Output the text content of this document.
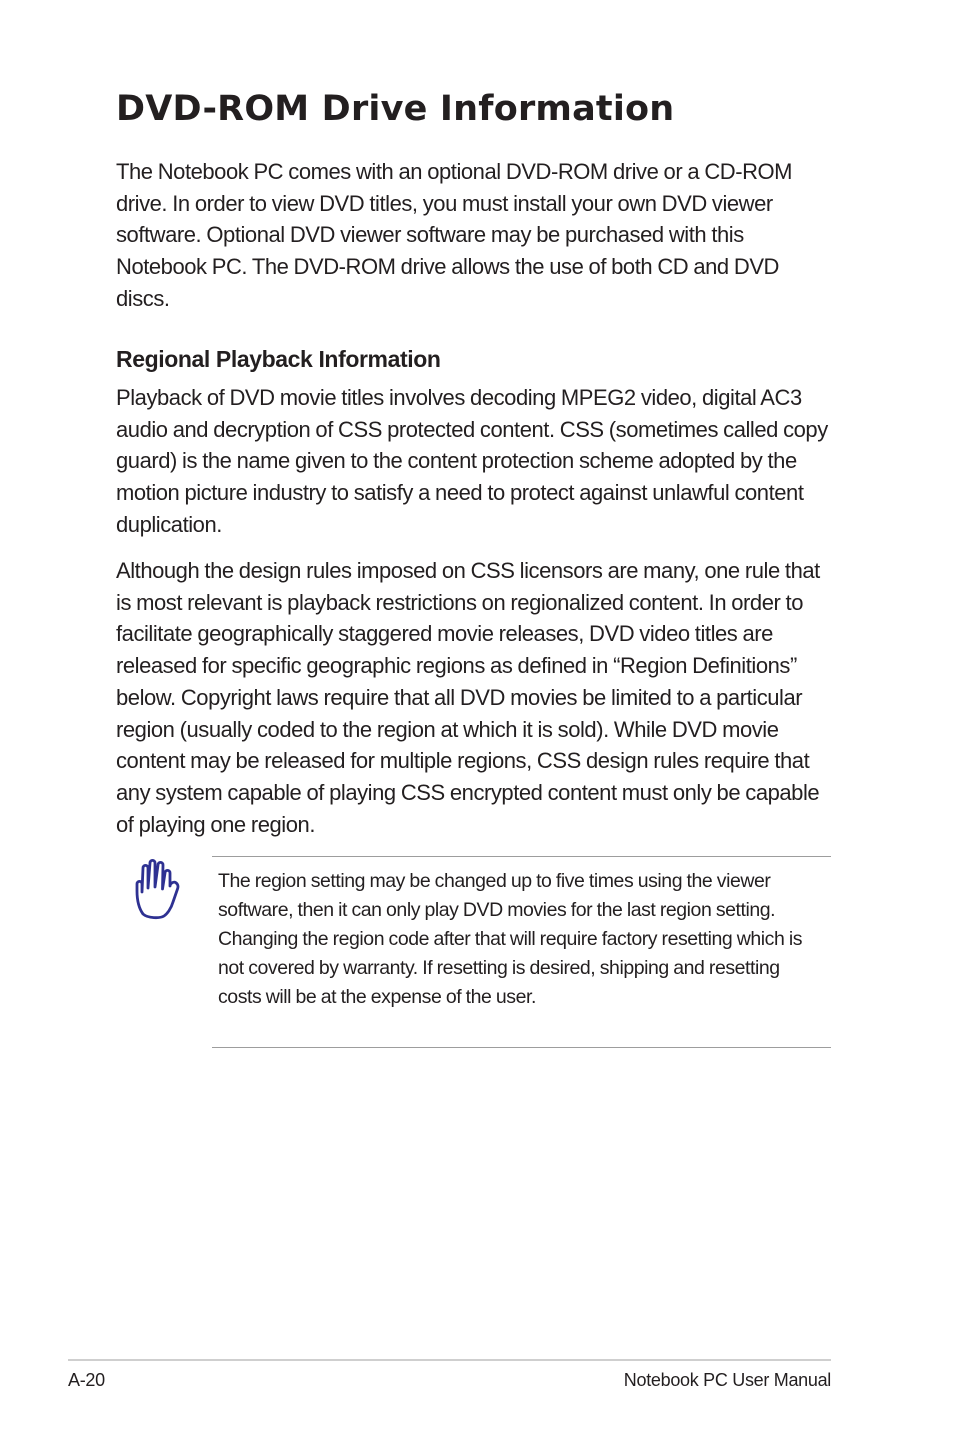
DVD-ROM Drive Information

The Notebook PC comes with an optional DVD-ROM drive or a CD-ROM drive. In order to view DVD titles, you must install your own DVD viewer software. Optional DVD viewer software may be purchased with this Notebook PC. The DVD-ROM drive allows the use of both CD and DVD discs.

Regional Playback Information

Playback of DVD movie titles involves decoding MPEG2 video, digital AC3 audio and decryption of CSS protected content. CSS (sometimes called copy guard) is the name given to the content protection scheme adopted by the motion picture industry to satisfy a need to protect against unlawful content duplication.

Although the design rules imposed on CSS licensors are many, one rule that is most relevant is playback restrictions on regionalized content. In order to facilitate geographically staggered movie releases, DVD video titles are released for specific geographic regions as defined in “Region Definitions” below. Copyright laws require that all DVD movies be limited to a particular region (usually coded to the region at which it is sold). While DVD movie content may be released for multiple regions, CSS design rules require that any system capable of playing CSS encrypted content must only be capable of playing one region.

The region setting may be changed up to five times using the viewer software, then it can only play DVD movies for the last region setting. Changing the region code after that will require factory resetting which is not covered by warranty. If resetting is desired, shipping and resetting costs will be at the expense of the user.

A-20	Notebook PC User Manual
